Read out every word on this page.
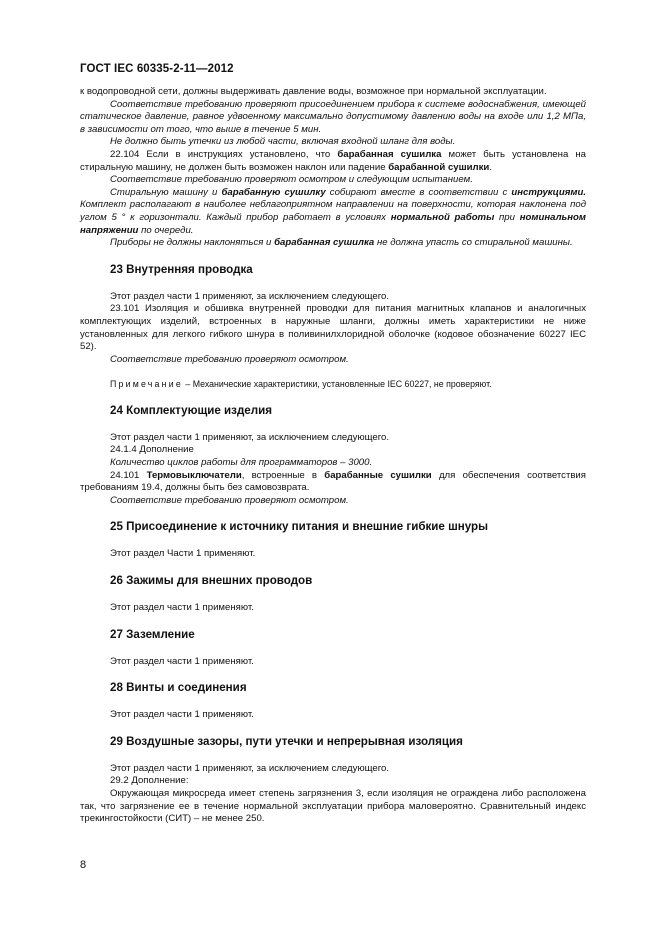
ГОСТ IEC 60335-2-11—2012

к водопроводной сети, должны выдерживать давление воды, возможное при нормальной эксплуатации.

Соответствие требованию проверяют присоединением прибора к системе водоснабжения, имеющей статическое давление, равное удвоенному максимально допустимому давлению воды на входе или 1,2 МПа, в зависимости от того, что выше в течение 5 мин.

Не должно быть утечки из любой части, включая входной шланг для воды.

22.104 Если в инструкциях установлено, что барабанная сушилка может быть установлена на стиральную машину, не должен быть возможен наклон или падение барабанной сушилки.

Соответствие требованию проверяют осмотром и следующим испытанием.

Стиральную машину и барабанную сушилку собирают вместе в соответствии с инструкциями. Комплект располагают в наиболее неблагоприятном направлении на поверхности, которая наклонена под углом 5 ° к горизонтали. Каждый прибор работает в условиях нормальной работы при номинальном напряжении по очереди.

Приборы не должны наклоняться и барабанная сушилка не должна упасть со стиральной машины.

23 Внутренняя проводка

Этот раздел части 1 применяют, за исключением следующего.

23.101 Изоляция и обшивка внутренней проводки для питания магнитных клапанов и аналогичных комплектующих изделий, встроенных в наружные шланги, должны иметь характеристики не ниже установленных для легкого гибкого шнура в поливинилхлоридной оболочке (кодовое обозначение 60227 IEC 52).

Соответствие требованию проверяют осмотром.

Примечание – Механические характеристики, установленные IEC 60227, не проверяют.

24 Комплектующие изделия

Этот раздел части 1 применяют, за исключением следующего.

24.1.4 Дополнение

Количество циклов работы для программаторов – 3000.

24.101 Термовыключатели, встроенные в барабанные сушилки для обеспечения соответствия требованиям 19.4, должны быть без самовозврата.

Соответствие требованию проверяют осмотром.

25 Присоединение к источнику питания и внешние гибкие шнуры

Этот раздел Части 1 применяют.

26 Зажимы для внешних проводов

Этот раздел части 1 применяют.

27 Заземление

Этот раздел части 1 применяют.

28 Винты и соединения

Этот раздел части 1 применяют.

29 Воздушные зазоры, пути утечки и непрерывная изоляция

Этот раздел части 1 применяют, за исключением следующего.

29.2 Дополнение:

Окружающая микросреда имеет степень загрязнения 3, если изоляция не ограждена либо расположена так, что загрязнение ее в течение нормальной эксплуатации прибора маловероятно. Сравнительный индекс трекингостойкости (СИТ) – не менее 250.

8
